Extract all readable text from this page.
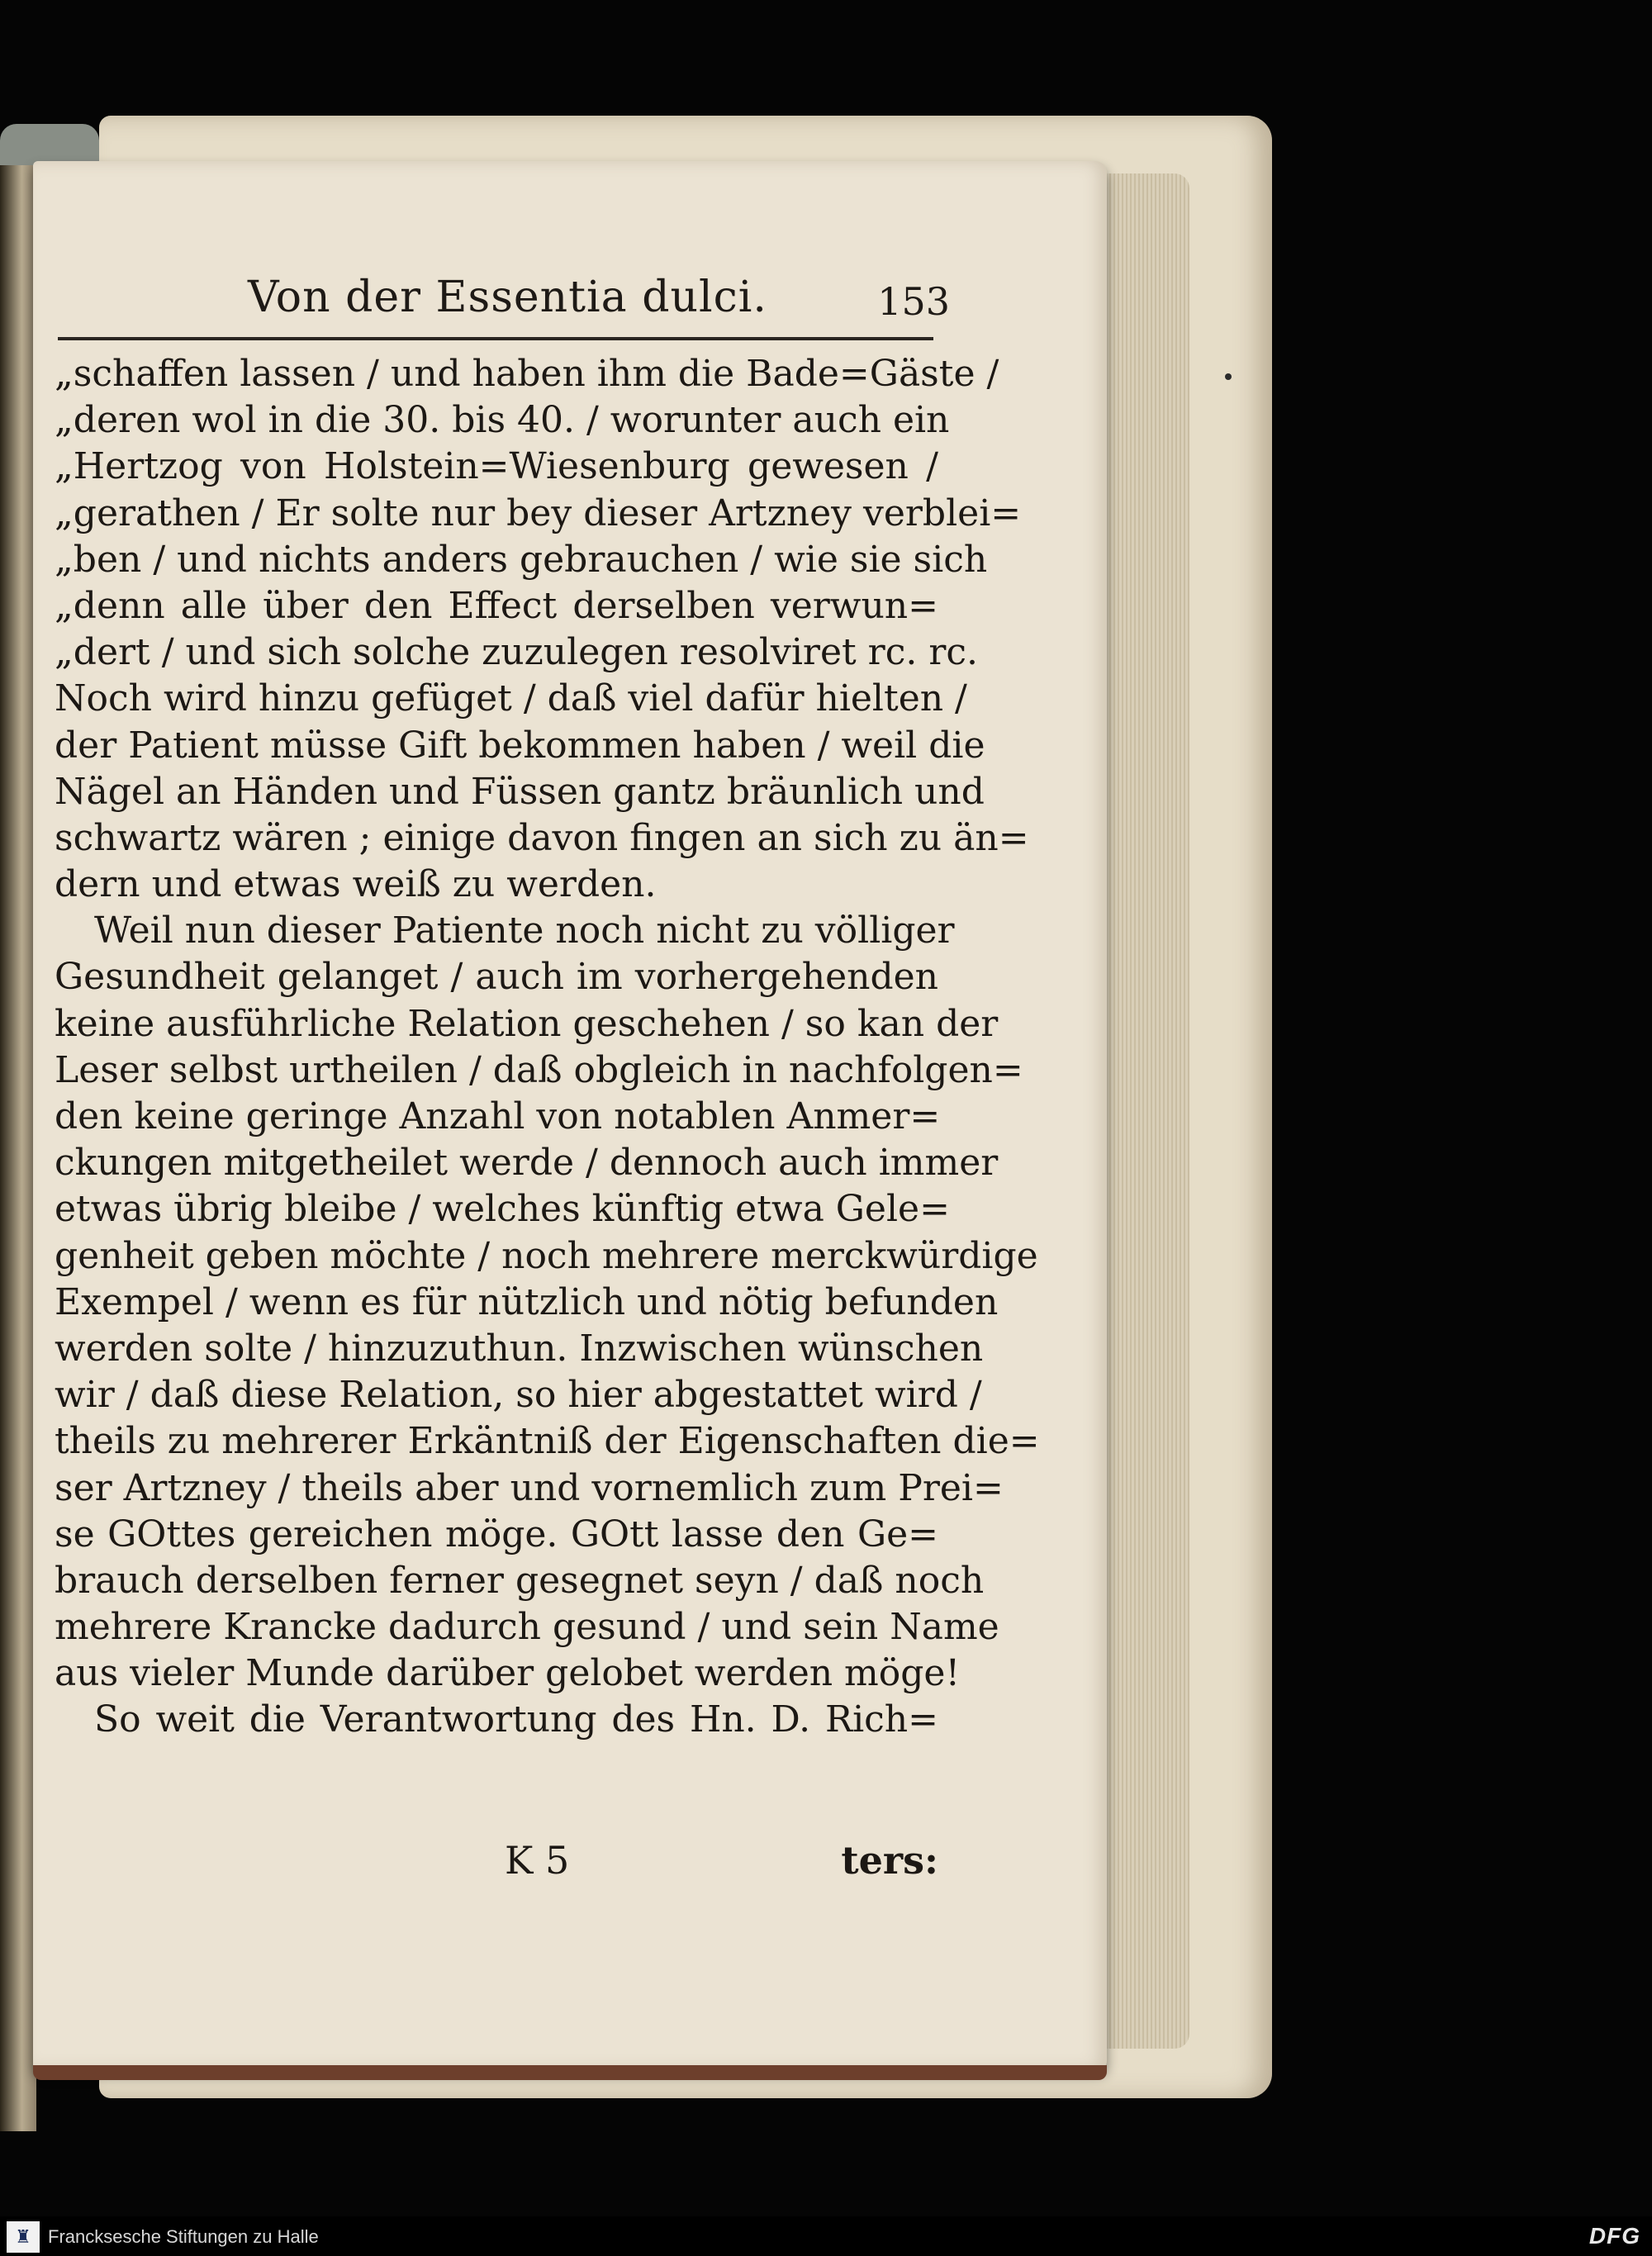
Von der Essentia dulci.	153
„schaffen lassen / und haben ihm die Bade=Gäste /
„deren wol in die 30. bis 40. / worunter auch ein
„Hertzog von Holstein=Wiesenburg gewesen /
„gerathen / Er solte nur bey dieser Artzney verblei=
„ben / und nichts anders gebrauchen / wie sie sich
„denn alle über den Effect derselben verwun=
„dert / und sich solche zuzulegen resolviret rc. rc.
Noch wird hinzu gefüget / daß viel dafür hielten /
der Patient müsse Gift bekommen haben / weil die
Nägel an Händen und Füssen gantz bräunlich und
schwartz wären ; einige davon fingen an sich zu än=
dern und etwas weiß zu werden.
Weil nun dieser Patiente noch nicht zu völliger
Gesundheit gelanget / auch im vorhergehenden
keine ausführliche Relation geschehen / so kan der
Leser selbst urtheilen / daß obgleich in nachfolgen=
den keine geringe Anzahl von notablen Anmer=
ckungen mitgetheilet werde / dennoch auch immer
etwas übrig bleibe / welches künftig etwa Gele=
genheit geben möchte / noch mehrere merckwürdige
Exempel / wenn es für nützlich und nötig befunden
werden solte / hinzuzuthun. Inzwischen wünschen
wir / daß diese Relation, so hier abgestattet wird /
theils zu mehrerer Erkäntniß der Eigenschaften die=
ser Artzney / theils aber und vornemlich zum Prei=
se GOttes gereichen möge. GOtt lasse den Ge=
brauch derselben ferner gesegnet seyn / daß noch
mehrere Krancke dadurch gesund / und sein Name
aus vieler Munde darüber gelobet werden möge!
So weit die Verantwortung des Hn. D. Rich=
K 5	ters:
♜ Francksesche Stiftungen zu Halle	DFG
